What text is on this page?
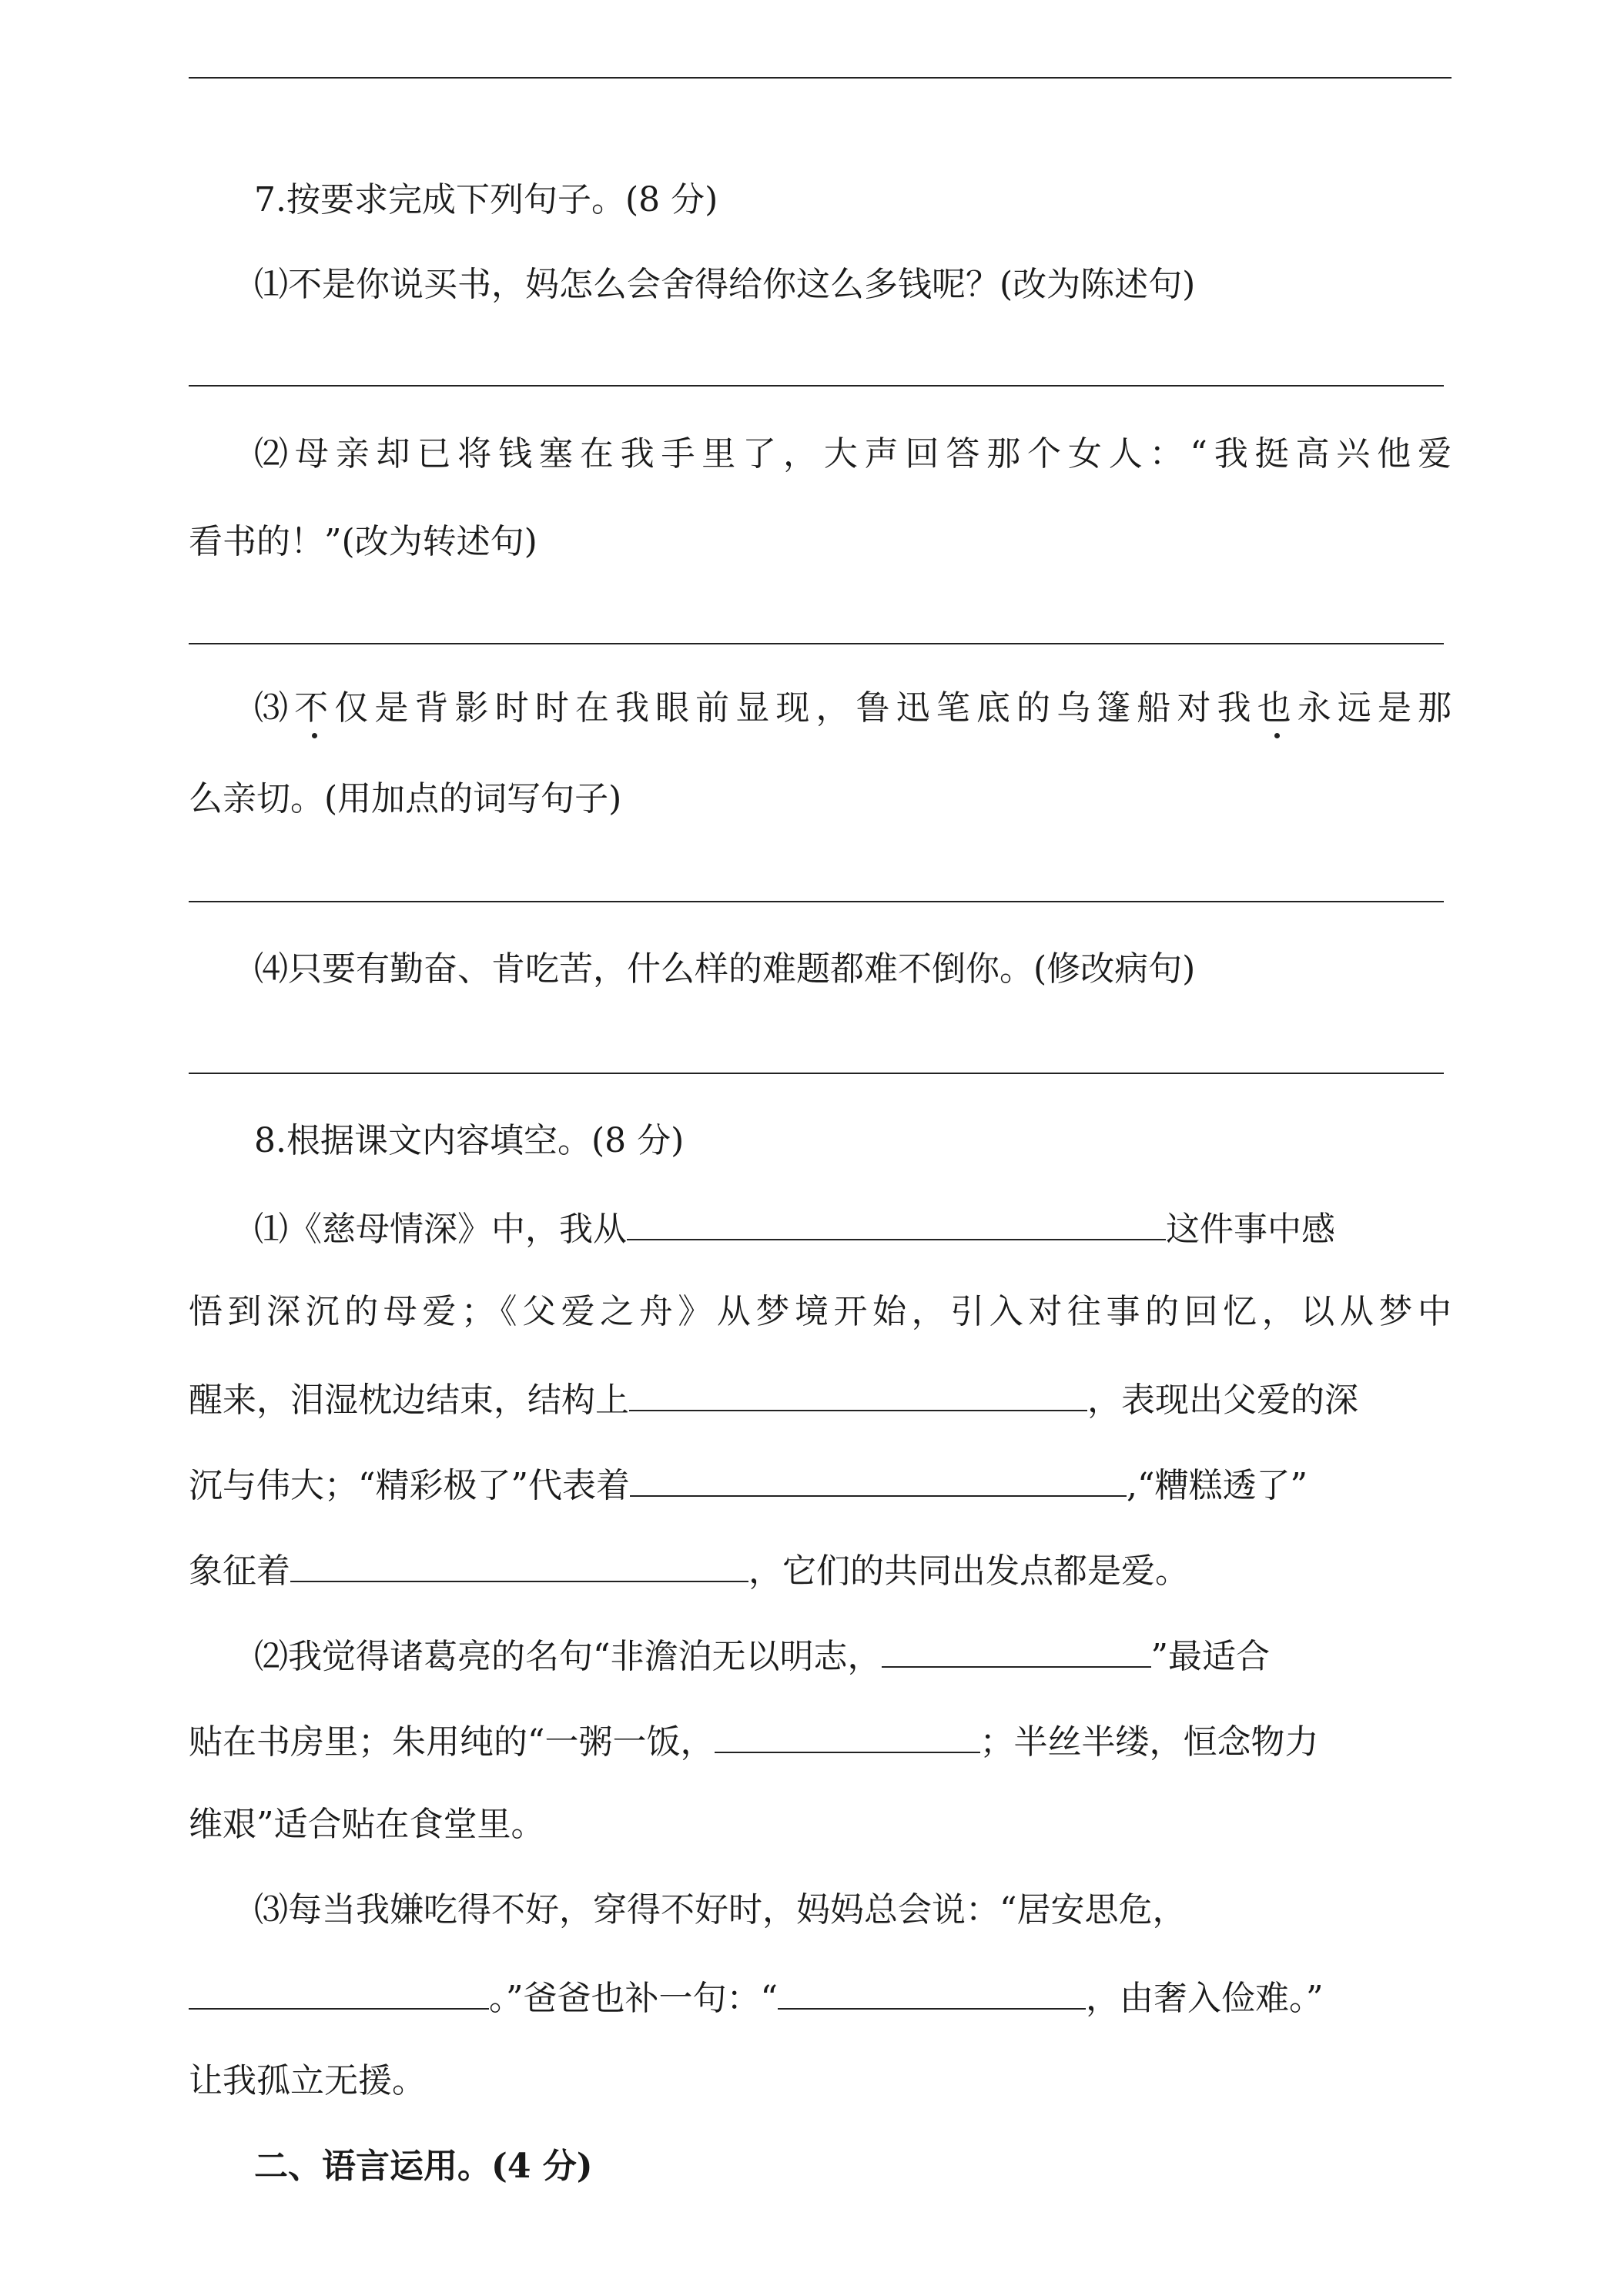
7.按要求完成下列句子。(8 分)
⑴不是你说买书，妈怎么会舍得给你这么多钱呢？(改为陈述句)
⑵母亲却已将钱塞在我手里了，大声回答那个女人：“我挺高兴他爱
看书的！”(改为转述句)
⑶不仅是背影时时在我眼前显现，鲁迅笔底的乌篷船对我也永远是那
么亲切。(用加点的词写句子)
⑷只要有勤奋、肯吃苦，什么样的难题都难不倒你。(修改病句)
8.根据课文内容填空。(8 分)
⑴《慈母情深》中，我从	这件事中感
悟到深沉的母爱；《父爱之舟》从梦境开始，引入对往事的回忆，以从梦中
醒来，泪湿枕边结束，结构上	，表现出父爱的深
沉与伟大；“精彩极了”代表着	,“糟糕透了”
象征着	，它们的共同出发点都是爱。
⑵我觉得诸葛亮的名句“非澹泊无以明志，	”最适合
贴在书房里；朱用纯的“一粥一饭，	；半丝半缕，恒念物力
维艰”适合贴在食堂里。
⑶每当我嫌吃得不好，穿得不好时，妈妈总会说：“居安思危，
。”爸爸也补一句：“	，由奢入俭难。”
让我孤立无援。
二、语言运用。(4 分)
